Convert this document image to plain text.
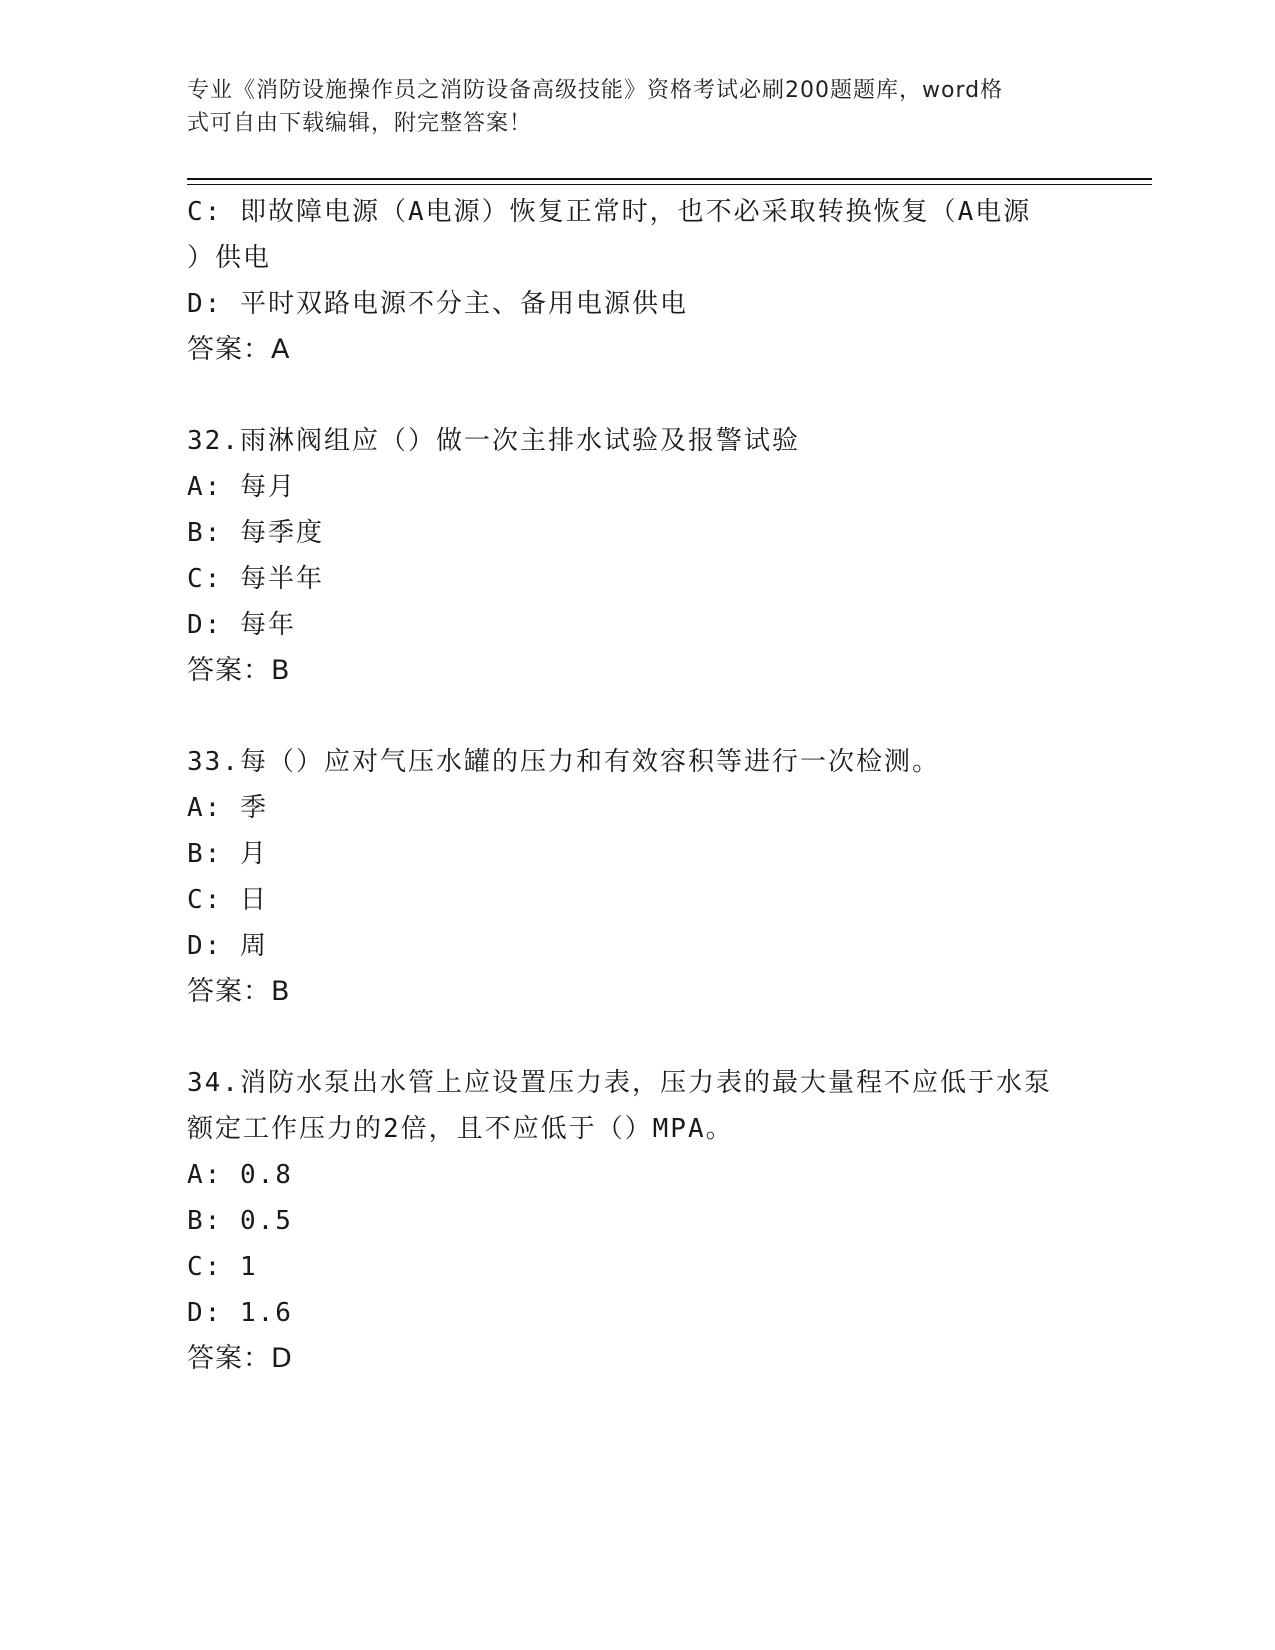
专业《消防设施操作员之消防设备高级技能》资格考试必刷200题题库，word格
式可自由下载编辑，附完整答案！
C: 即故障电源（A电源）恢复正常时，也不必采取转换恢复（A电源
）供电
D: 平时双路电源不分主、备用电源供电
答案：A
32.雨淋阀组应（）做一次主排水试验及报警试验
A: 每月
B: 每季度
C: 每半年
D: 每年
答案：B
33.每（）应对气压水罐的压力和有效容积等进行一次检测。
A: 季
B: 月
C: 日
D: 周
答案：B
34.消防水泵出水管上应设置压力表，压力表的最大量程不应低于水泵
额定工作压力的2倍，且不应低于（）MPA。
A: 0.8
B: 0.5
C: 1
D: 1.6
答案：D
